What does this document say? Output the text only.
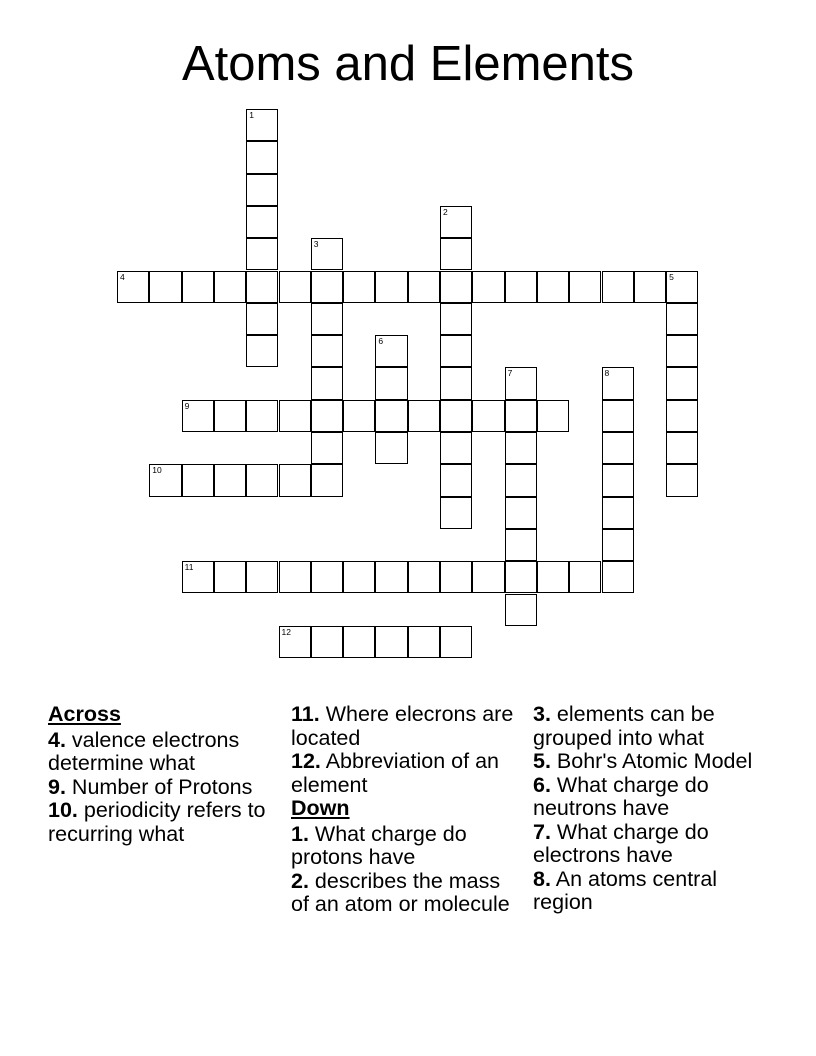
Atoms and Elements
1
2
3
4	5
6
7	8
9
10
11
12
Across
4. valence electrons determine what
9. Number of Protons
10. periodicity refers to recurring what
11. Where elecrons are located
12. Abbreviation of an element
Down
1. What charge do protons have
2. describes the mass of an atom or molecule
3. elements can be grouped into what
5. Bohr's Atomic Model
6. What charge do neutrons have
7. What charge do electrons have
8. An atoms central region
